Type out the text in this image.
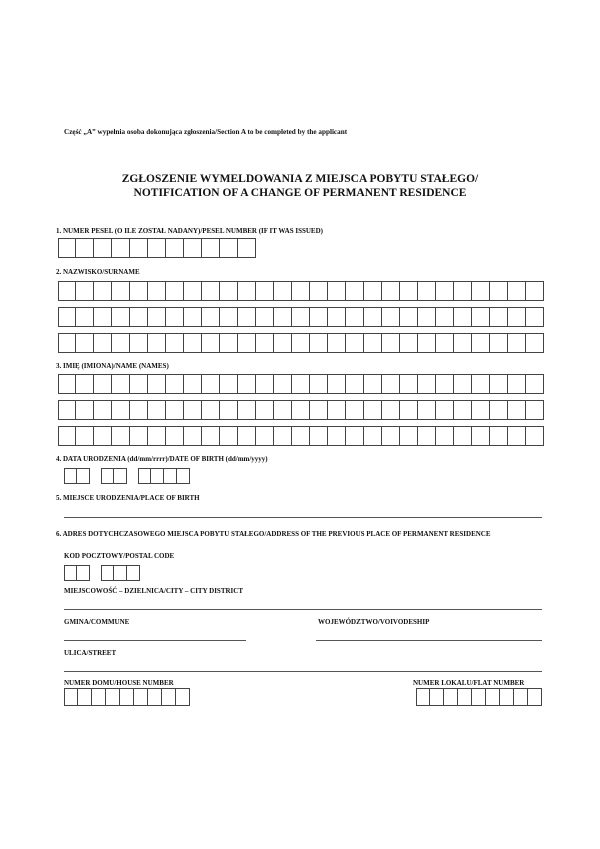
Część „A” wypełnia osoba dokonująca zgłoszenia/Section A to be completed by the applicant
ZGŁOSZENIE WYMELDOWANIA Z MIEJSCA POBYTU STAŁEGO/
NOTIFICATION OF A CHANGE OF PERMANENT RESIDENCE
1. NUMER PESEL (O ILE ZOSTAŁ NADANY)/PESEL NUMBER (IF IT WAS ISSUED)
2. NAZWISKO/SURNAME
3. IMIĘ (IMIONA)/NAME (NAMES)
4. DATA URODZENIA (dd/mm/rrrr)/DATE OF BIRTH (dd/mm/yyyy)
5. MIEJSCE URODZENIA/PLACE OF BIRTH
6. ADRES DOTYCHCZASOWEGO MIEJSCA POBYTU STAŁEGO/ADDRESS OF THE PREVIOUS PLACE OF PERMANENT RESIDENCE
KOD POCZTOWY/POSTAL CODE
MIEJSCOWOŚĆ – DZIELNICA/CITY – CITY DISTRICT
GMINA/COMMUNE	WOJEWÓDZTWO/VOIVODESHIP
ULICA/STREET
NUMER DOMU/HOUSE NUMBER	NUMER LOKALU/FLAT NUMBER
